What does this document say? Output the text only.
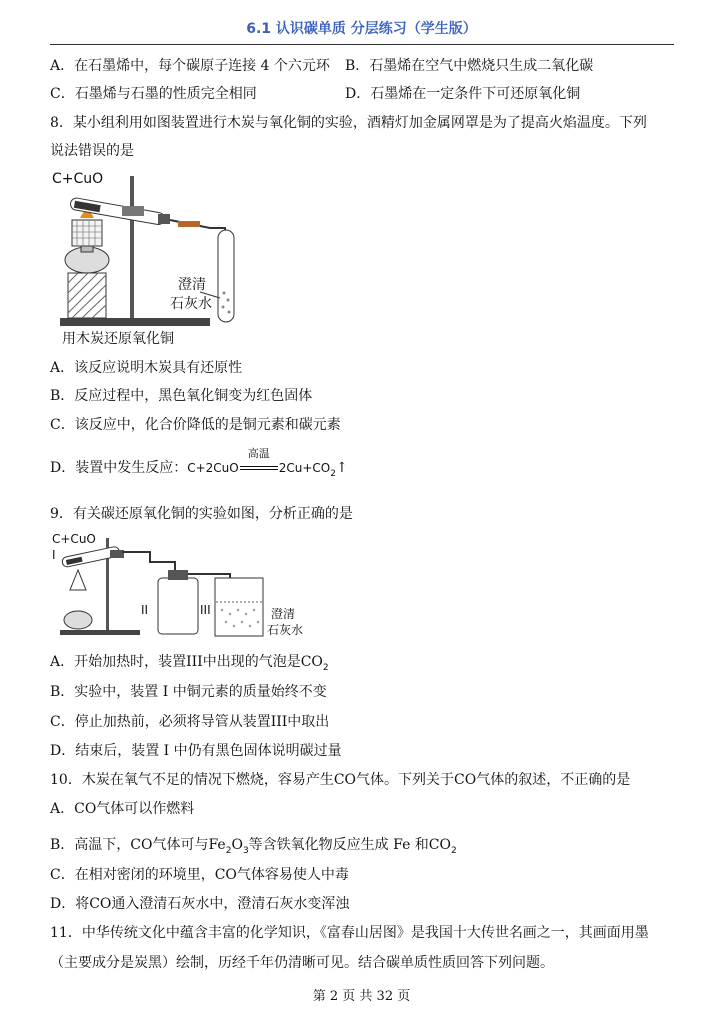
6.1 认识碳单质 分层练习（学生版）
A．在石墨烯中，每个碳原子连接 4 个六元环 B．石墨烯在空气中燃烧只生成二氧化碳
C．石墨烯与石墨的性质完全相同	D．石墨烯在一定条件下可还原氧化铜
8．某小组利用如图装置进行木炭与氧化铜的实验，酒精灯加金属网罩是为了提高火焰温度。下列
说法错误的是
C+CuO
澄清
石灰水
用木炭还原氧化铜
A．该反应说明木炭具有还原性
B．反应过程中，黑色氧化铜变为红色固体
C．该反应中，化合价降低的是铜元素和碳元素
D．装置中发生反应：C+2CuO
高温
$2Cu+CO_2↑$
9．有关碳还原氧化铜的实验如图，分析正确的是
C+CuO
I
II	III	澄清
石灰水
A．开始加热时，装置III中出现的气泡是$CO_2$
B．实验中，装置 I 中铜元素的质量始终不变
C．停止加热前，必须将导管从装置III中取出
D．结束后，装置 I 中仍有黑色固体说明碳过量
10．木炭在氧气不足的情况下燃烧，容易产生CO气体。下列关于CO气体的叙述，不正确的是
A．CO气体可以作燃料
B．高温下，CO气体可与$Fe_2O_3$等含铁氧化物反应生成 Fe 和$CO_2$
C．在相对密闭的环境里，CO气体容易使人中毒
D．将CO通入澄清石灰水中，澄清石灰水变浑浊
11．中华传统文化中蕴含丰富的化学知识，《富春山居图》是我国十大传世名画之一，其画面用墨
（主要成分是炭黑）绘制，历经千年仍清晰可见。结合碳单质性质回答下列问题。
第 2 页 共 32 页
